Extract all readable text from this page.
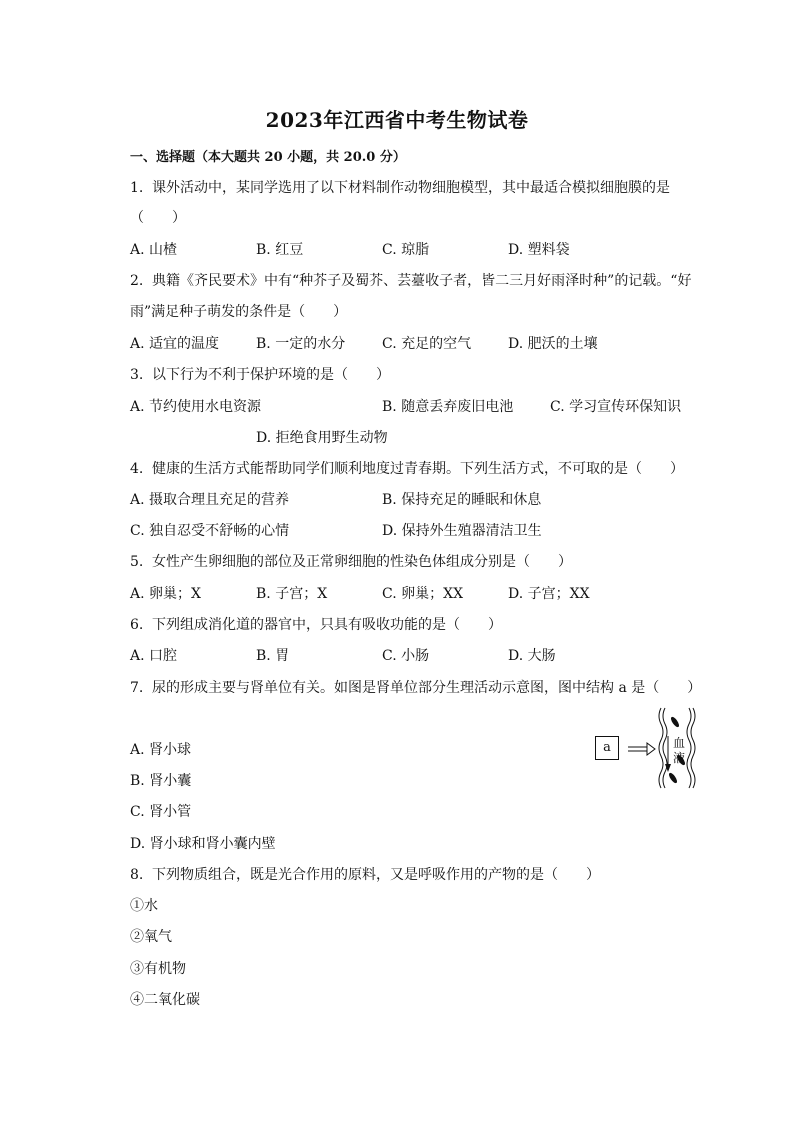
2023年江西省中考生物试卷
一、选择题（本大题共 20 小题，共 20.0 分）
1. 课外活动中，某同学选用了以下材料制作动物细胞模型，其中最适合模拟细胞膜的是
（　　）
A. 山楂	B. 红豆	C. 琼脂	D. 塑料袋
2. 典籍《齐民要术》中有“种芥子及蜀芥、芸薹收子者，皆二三月好雨泽时种”的记载。“好
雨”满足种子萌发的条件是（　　）
A. 适宜的温度	B. 一定的水分	C. 充足的空气	D. 肥沃的土壤
3. 以下行为不利于保护环境的是（　　）
A. 节约使用水电资源	B. 随意丢弃废旧电池	C. 学习宣传环保知识
D. 拒绝食用野生动物
4. 健康的生活方式能帮助同学们顺利地度过青春期。下列生活方式，不可取的是（　　）
A. 摄取合理且充足的营养	B. 保持充足的睡眠和休息
C. 独自忍受不舒畅的心情	D. 保持外生殖器清洁卫生
5. 女性产生卵细胞的部位及正常卵细胞的性染色体组成分别是（　　）
A. 卵巢；X	B. 子宫；X	C. 卵巢；XX	D. 子宫；XX
6. 下列组成消化道的器官中，只具有吸收功能的是（　　）
A. 口腔	B. 胃	C. 小肠	D. 大肠
7. 尿的形成主要与肾单位有关。如图是肾单位部分生理活动示意图，图中结构 a 是（　　）
A. 肾小球
B. 肾小囊
C. 肾小管
D. 肾小球和肾小囊内壁
a	血
液
8. 下列物质组合，既是光合作用的原料，又是呼吸作用的产物的是（　　）
①水
②氧气
③有机物
④二氧化碳
